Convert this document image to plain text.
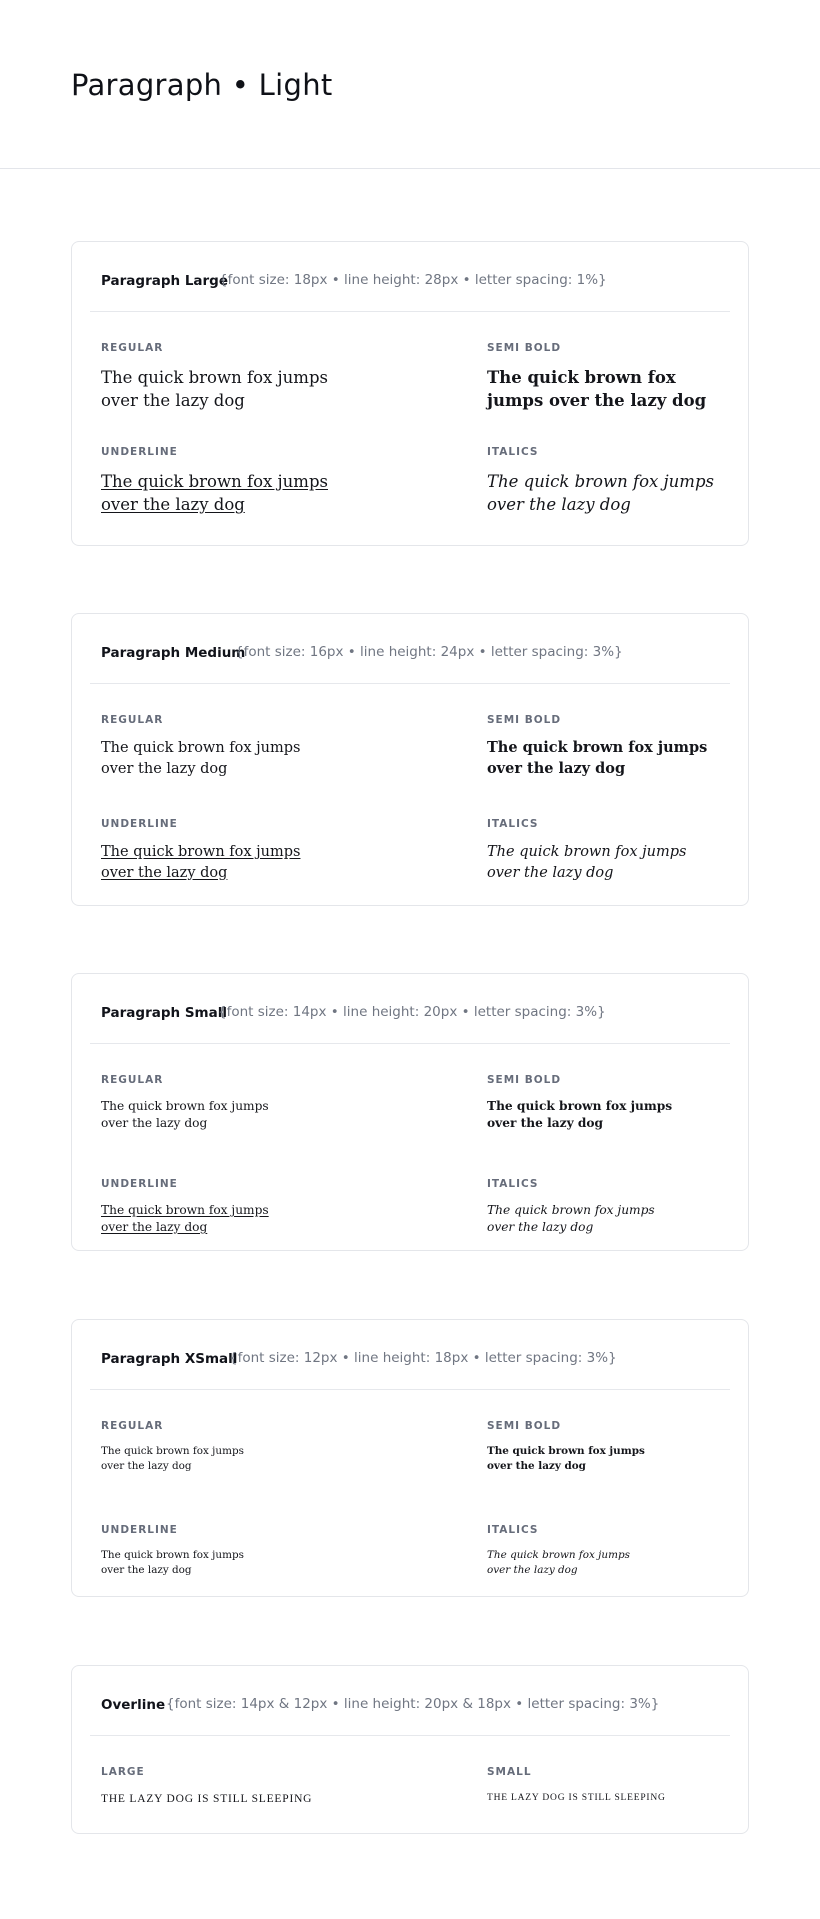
Paragraph • Light
Paragraph Large
{font size: 18px • line height: 28px • letter spacing: 1%}
REGULAR
The quick brown fox jumps over the lazy dog
SEMI BOLD
The quick brown fox jumps over the lazy dog
UNDERLINE
The quick brown fox jumps over the lazy dog
ITALICS
The quick brown fox jumps over the lazy dog
Paragraph Medium
{font size: 16px • line height: 24px • letter spacing: 3%}
REGULAR
The quick brown fox jumps over the lazy dog
SEMI BOLD
The quick brown fox jumps over the lazy dog
UNDERLINE
The quick brown fox jumps over the lazy dog
ITALICS
The quick brown fox jumps over the lazy dog
Paragraph Small
{font size: 14px • line height: 20px • letter spacing: 3%}
REGULAR
The quick brown fox jumps over the lazy dog
SEMI BOLD
The quick brown fox jumps over the lazy dog
UNDERLINE
The quick brown fox jumps over the lazy dog
ITALICS
The quick brown fox jumps over the lazy dog
Paragraph XSmall
{font size: 12px • line height: 18px • letter spacing: 3%}
REGULAR
The quick brown fox jumps over the lazy dog
SEMI BOLD
The quick brown fox jumps over the lazy dog
UNDERLINE
The quick brown fox jumps over the lazy dog
ITALICS
The quick brown fox jumps over the lazy dog
Overline {font size: 14px & 12px • line height: 20px & 18px • letter spacing: 3%}
LARGE
THE LAZY DOG IS STILL SLEEPING
SMALL
THE LAZY DOG IS STILL SLEEPING
